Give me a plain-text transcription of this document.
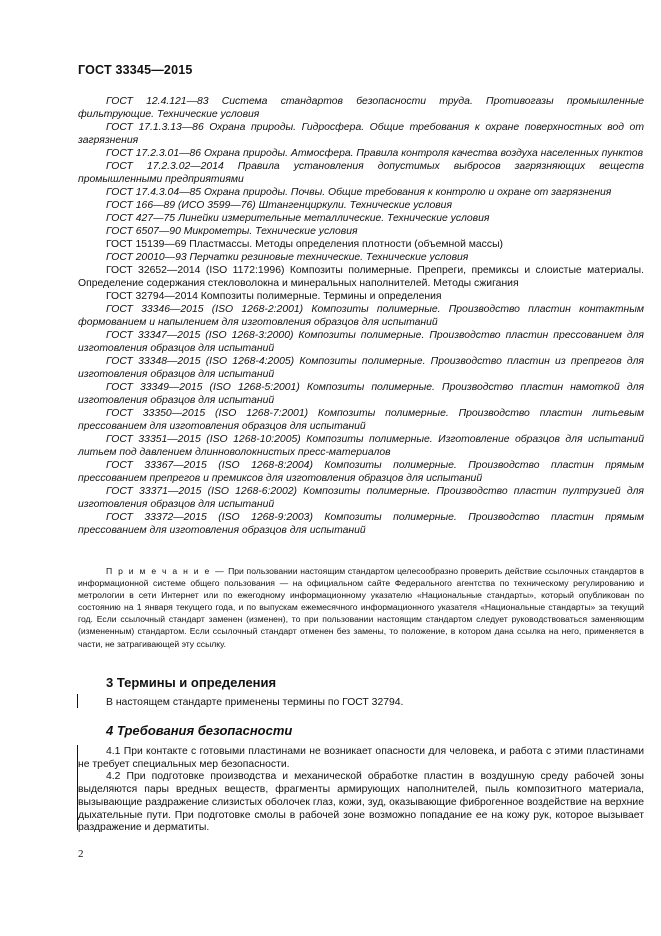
ГОСТ 33345—2015

ГОСТ 12.4.121—83 Система стандартов безопасности труда. Противогазы промышленные фильтрующие. Технические условия

ГОСТ 17.1.3.13—86 Охрана природы. Гидросфера. Общие требования к охране поверхностных вод от загрязнения

ГОСТ 17.2.3.01—86 Охрана природы. Атмосфера. Правила контроля качества воздуха населенных пунктов

ГОСТ 17.2.3.02—2014 Правила установления допустимых выбросов загрязняющих веществ промышленными предприятиями

ГОСТ 17.4.3.04—85 Охрана природы. Почвы. Общие требования к контролю и охране от загрязнения

ГОСТ 166—89 (ИСО 3599—76) Штангенциркули. Технические условия

ГОСТ 427—75 Линейки измерительные металлические. Технические условия

ГОСТ 6507—90 Микрометры. Технические условия

ГОСТ 15139—69 Пластмассы. Методы определения плотности (объемной массы)

ГОСТ 20010—93 Перчатки резиновые технические. Технические условия

ГОСТ 32652—2014 (ISO 1172:1996) Композиты полимерные. Препреги, премиксы и слоистые материалы. Определение содержания стекловолокна и минеральных наполнителей. Методы сжигания

ГОСТ 32794—2014 Композиты полимерные. Термины и определения

ГОСТ 33346—2015 (ISO 1268-2:2001) Композиты полимерные. Производство пластин контактным формованием и напылением для изготовления образцов для испытаний

ГОСТ 33347—2015 (ISO 1268-3:2000) Композиты полимерные. Производство пластин прессованием для изготовления образцов для испытаний

ГОСТ 33348—2015 (ISO 1268-4:2005) Композиты полимерные. Производство пластин из препрегов для изготовления образцов для испытаний

ГОСТ 33349—2015 (ISO 1268-5:2001) Композиты полимерные. Производство пластин намоткой для изготовления образцов для испытаний

ГОСТ 33350—2015 (ISO 1268-7:2001) Композиты полимерные. Производство пластин литьевым прессованием для изготовления образцов для испытаний

ГОСТ 33351—2015 (ISO 1268-10:2005) Композиты полимерные. Изготовление образцов для испытаний литьем под давлением длинноволокнистых пресс-материалов

ГОСТ 33367—2015 (ISO 1268-8:2004) Композиты полимерные. Производство пластин прямым прессованием препрегов и премиксов для изготовления образцов для испытаний

ГОСТ 33371—2015 (ISO 1268-6:2002) Композиты полимерные. Производство пластин пултрузией для изготовления образцов для испытаний

ГОСТ 33372—2015 (ISO 1268-9:2003) Композиты полимерные. Производство пластин прямым прессованием для изготовления образцов для испытаний

П р и м е ч а н и е — При пользовании настоящим стандартом целесообразно проверить действие ссылочных стандартов в информационной системе общего пользования — на официальном сайте Федерального агентства по техническому регулированию и метрологии в сети Интернет или по ежегодному информационному указателю «Национальные стандарты», который опубликован по состоянию на 1 января текущего года, и по выпускам ежемесячного информационного указателя «Национальные стандарты» за текущий год. Если ссылочный стандарт заменен (изменен), то при пользовании настоящим стандартом следует руководствоваться заменяющим (измененным) стандартом. Если ссылочный стандарт отменен без замены, то положение, в котором дана ссылка на него, применяется в части, не затрагивающей эту ссылку.

3 Термины и определения
В настоящем стандарте применены термины по ГОСТ 32794.
4 Требования безопасности

4.1 При контакте с готовыми пластинами не возникает опасности для человека, и работа с этими пластинами не требует специальных мер безопасности.

4.2 При подготовке производства и механической обработке пластин в воздушную среду рабочей зоны выделяются пары вредных веществ, фрагменты армирующих наполнителей, пыль композитного материала, вызывающие раздражение слизистых оболочек глаз, кожи, зуд, оказывающие фиброгенное воздействие на верхние дыхательные пути. При подготовке смолы в рабочей зоне возможно попадание ее на кожу рук, которое вызывает раздражение и дерматиты.

2
